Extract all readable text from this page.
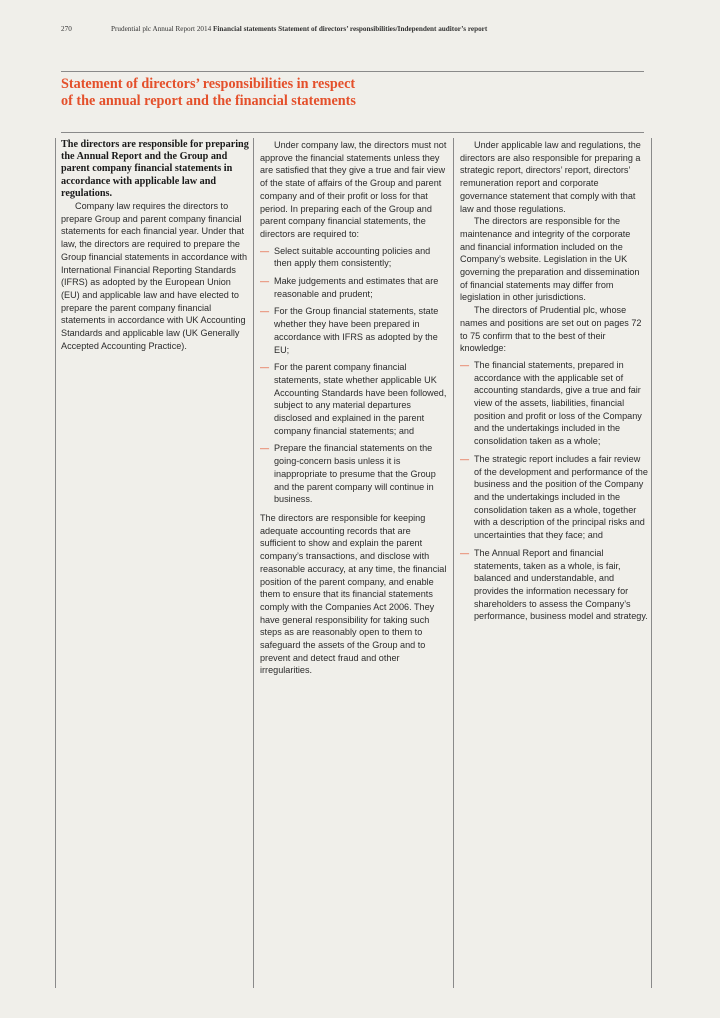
270	Prudential plc Annual Report 2014 Financial statements Statement of directors’ responsibilities/Independent auditor’s report
Statement of directors’ responsibilities in respect
of the annual report and the financial statements

The directors are responsible for preparing the Annual Report and the Group and parent company financial statements in accordance with applicable law and regulations.

Company law requires the directors to prepare Group and parent company financial statements for each financial year. Under that law, the directors are required to prepare the Group financial statements in accordance with International Financial Reporting Standards (IFRS) as adopted by the European Union (EU) and applicable law and have elected to prepare the parent company financial statements in accordance with UK Accounting Standards and applicable law (UK Generally Accepted Accounting Practice).

Under company law, the directors must not approve the financial statements unless they are satisfied that they give a true and fair view of the state of affairs of the Group and parent company and of their profit or loss for that period. In preparing each of the Group and parent company financial statements, the directors are required to:

— Select suitable accounting policies and then apply them consistently;
— Make judgements and estimates that are reasonable and prudent;
— For the Group financial statements, state whether they have been prepared in accordance with IFRS as adopted by the EU;
— For the parent company financial statements, state whether applicable UK Accounting Standards have been followed, subject to any material departures disclosed and explained in the parent company financial statements; and
— Prepare the financial statements on the going-concern basis unless it is inappropriate to presume that the Group and the parent company will continue in business.

The directors are responsible for keeping adequate accounting records that are sufficient to show and explain the parent company’s transactions, and disclose with reasonable accuracy, at any time, the financial position of the parent company, and enable them to ensure that its financial statements comply with the Companies Act 2006. They have general responsibility for taking such steps as are reasonably open to them to safeguard the assets of the Group and to prevent and detect fraud and other irregularities.

Under applicable law and regulations, the directors are also responsible for preparing a strategic report, directors’ report, directors’ remuneration report and corporate governance statement that comply with that law and those regulations.

The directors are responsible for the maintenance and integrity of the corporate and financial information included on the Company’s website. Legislation in the UK governing the preparation and dissemination of financial statements may differ from legislation in other jurisdictions.

The directors of Prudential plc, whose names and positions are set out on pages 72 to 75 confirm that to the best of their knowledge:

— The financial statements, prepared in accordance with the applicable set of accounting standards, give a true and fair view of the assets, liabilities, financial position and profit or loss of the Company and the undertakings included in the consolidation taken as a whole;
— The strategic report includes a fair review of the development and performance of the business and the position of the Company and the undertakings included in the consolidation taken as a whole, together with a description of the principal risks and uncertainties that they face; and
— The Annual Report and financial statements, taken as a whole, is fair, balanced and understandable, and provides the information necessary for shareholders to assess the Company’s performance, business model and strategy.
